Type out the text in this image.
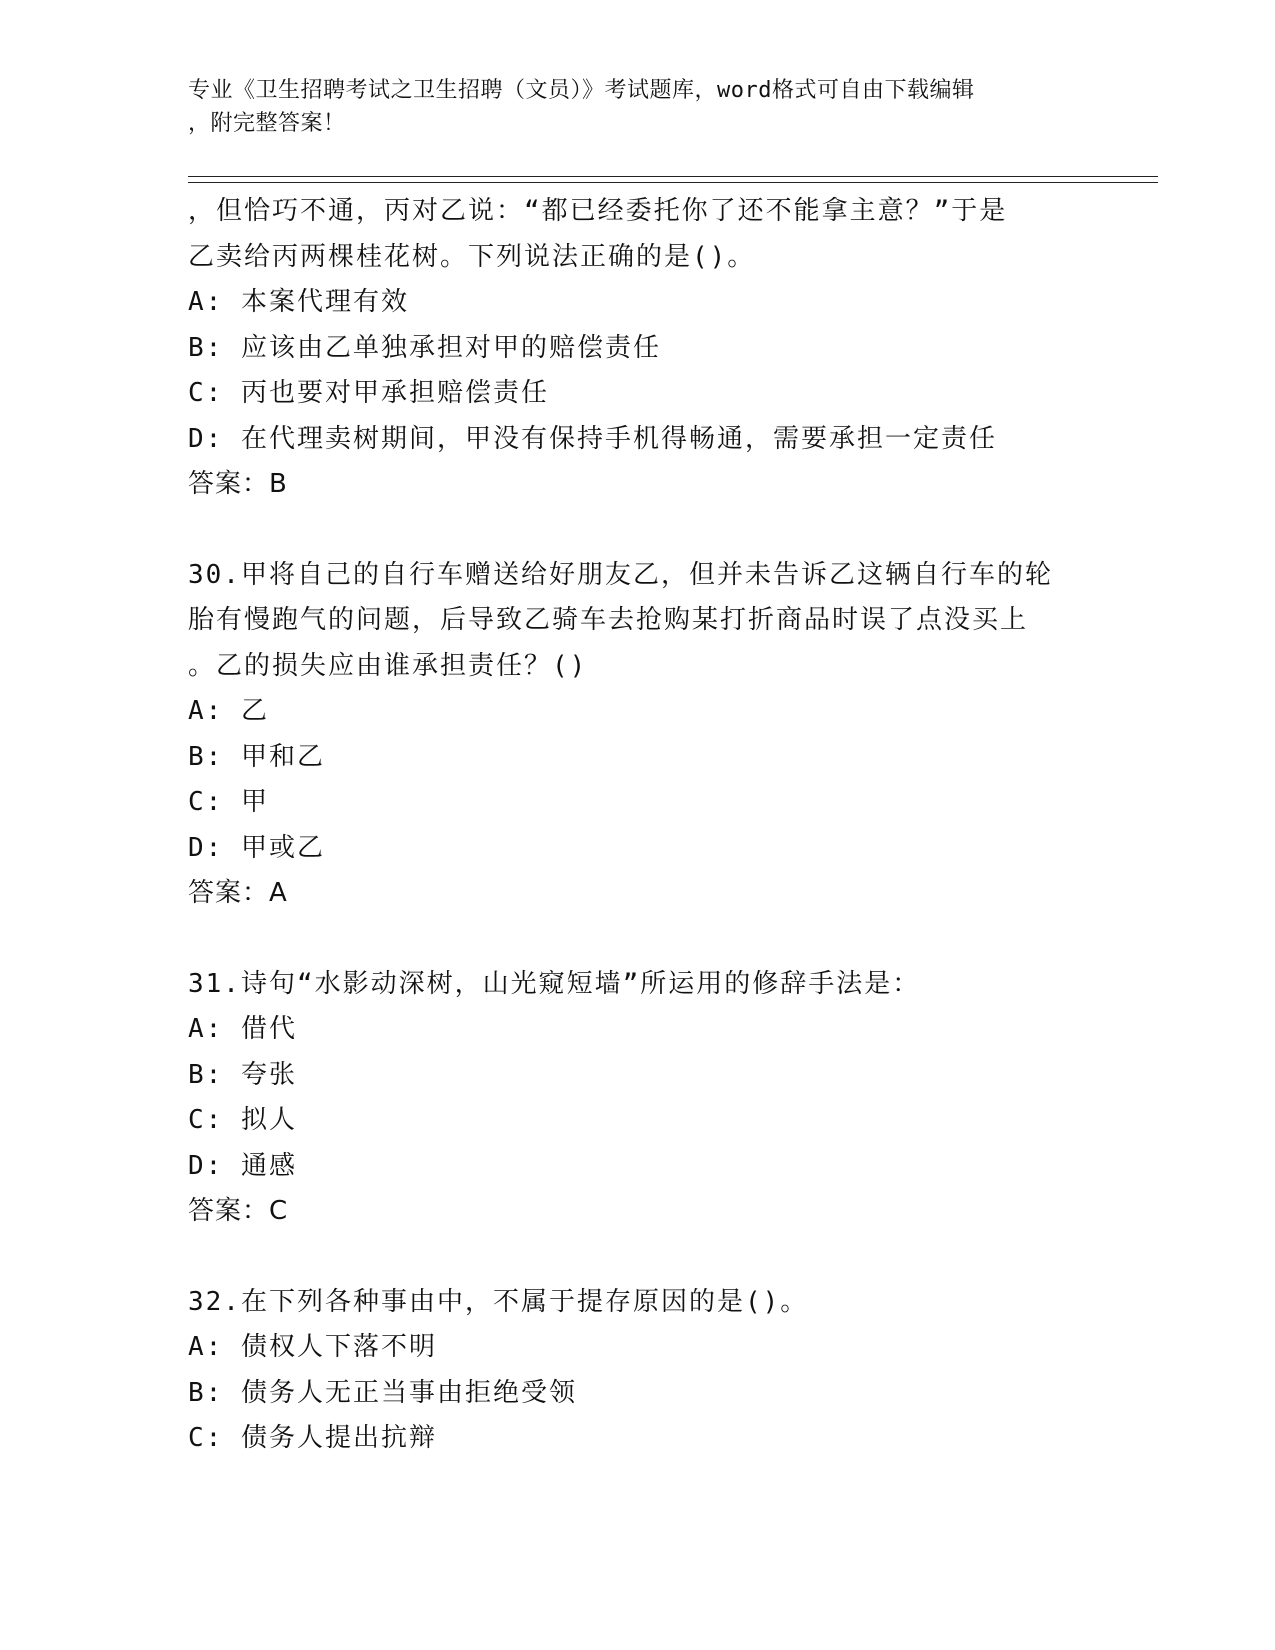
专业《卫生招聘考试之卫生招聘（文员）》考试题库，word格式可自由下载编辑
，附完整答案！
，但恰巧不通，丙对乙说：“都已经委托你了还不能拿主意？”于是
乙卖给丙两棵桂花树。下列说法正确的是()。
A: 本案代理有效
B: 应该由乙单独承担对甲的赔偿责任
C: 丙也要对甲承担赔偿责任
D: 在代理卖树期间，甲没有保持手机得畅通，需要承担一定责任
答案：B
30.甲将自己的自行车赠送给好朋友乙，但并未告诉乙这辆自行车的轮
胎有慢跑气的问题，后导致乙骑车去抢购某打折商品时误了点没买上
。乙的损失应由谁承担责任？()
A: 乙
B: 甲和乙
C: 甲
D: 甲或乙
答案：A
31.诗句“水影动深树，山光窥短墙”所运用的修辞手法是：
A: 借代
B: 夸张
C: 拟人
D: 通感
答案：C
32.在下列各种事由中，不属于提存原因的是()。
A: 债权人下落不明
B: 债务人无正当事由拒绝受领
C: 债务人提出抗辩
